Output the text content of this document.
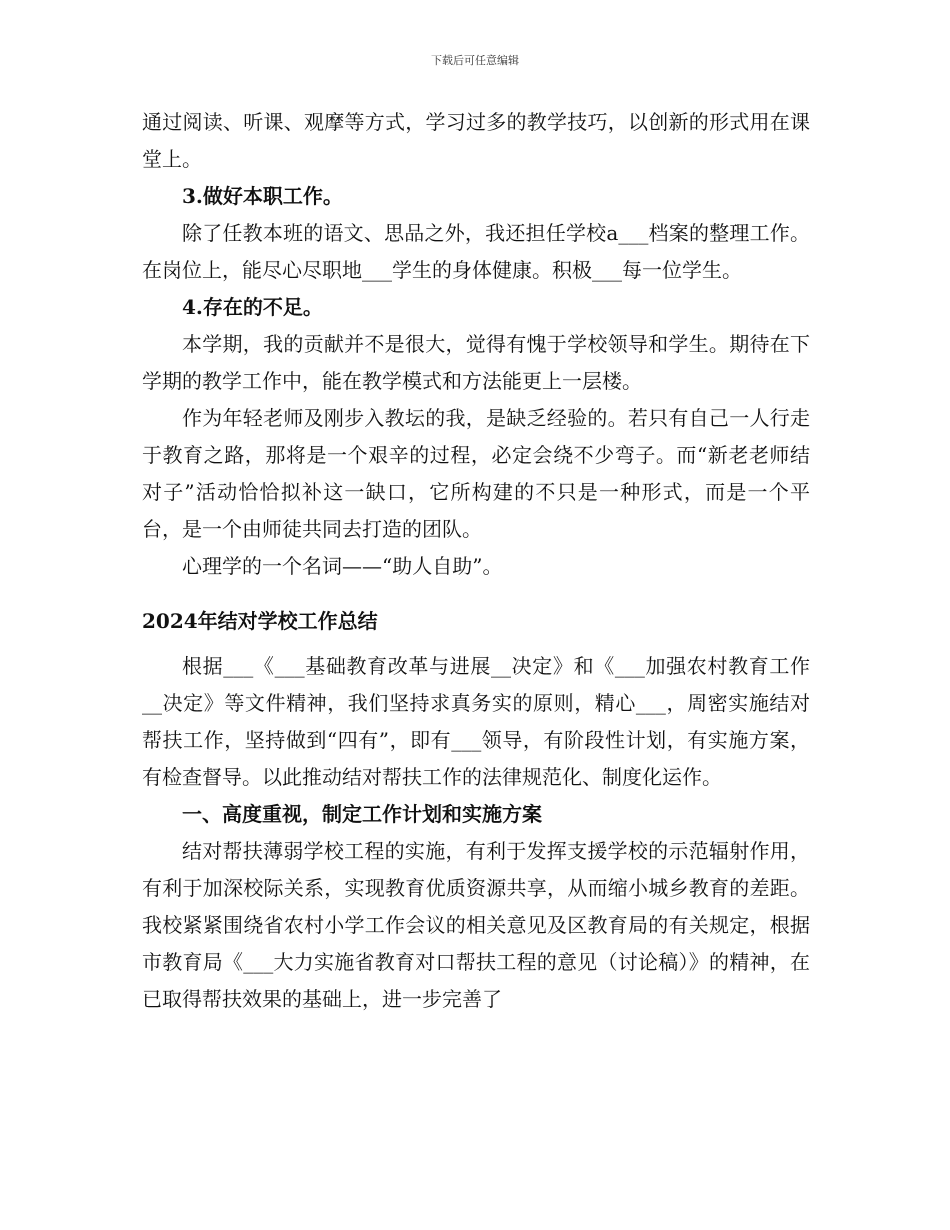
下载后可任意编辑

通过阅读、听课、观摩等方式，学习过多的教学技巧，以创新的形式用在课堂上。

3.做好本职工作。

除了任教本班的语文、思品之外，我还担任学校a___档案的整理工作。在岗位上，能尽心尽职地___学生的身体健康。积极___每一位学生。

4.存在的不足。

本学期，我的贡献并不是很大，觉得有愧于学校领导和学生。期待在下学期的教学工作中，能在教学模式和方法能更上一层楼。

作为年轻老师及刚步入教坛的我，是缺乏经验的。若只有自己一人行走于教育之路，那将是一个艰辛的过程，必定会绕不少弯子。而“新老老师结对子”活动恰恰拟补这一缺口，它所构建的不只是一种形式，而是一个平台，是一个由师徒共同去打造的团队。

心理学的一个名词——“助人自助”。

2024年结对学校工作总结

根据___《___基础教育改革与进展__决定》和《___加强农村教育工作__决定》等文件精神，我们坚持求真务实的原则，精心___，周密实施结对帮扶工作，坚持做到“四有”，即有___领导，有阶段性计划，有实施方案，有检查督导。以此推动结对帮扶工作的法律规范化、制度化运作。

一、高度重视，制定工作计划和实施方案

结对帮扶薄弱学校工程的实施，有利于发挥支援学校的示范辐射作用，有利于加深校际关系，实现教育优质资源共享，从而缩小城乡教育的差距。我校紧紧围绕省农村小学工作会议的相关意见及区教育局的有关规定，根据市教育局《___大力实施省教育对口帮扶工程的意见（讨论稿）》的精神，在已取得帮扶效果的基础上，进一步完善了
